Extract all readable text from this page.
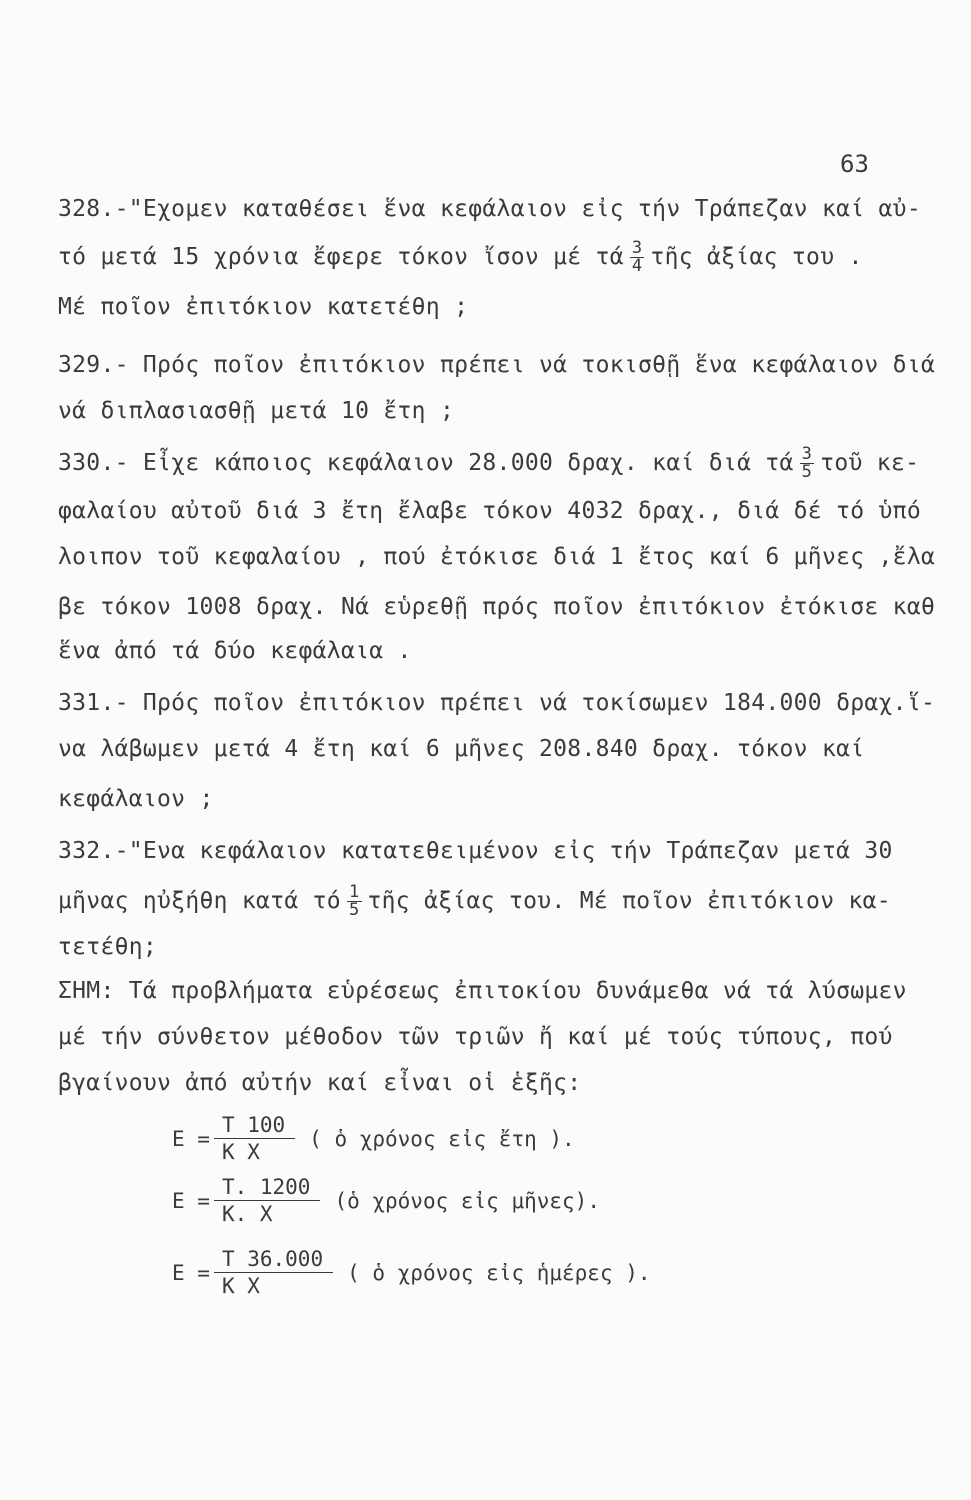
63
328.-"Εχομεν καταθέσει ἕνα κεφάλαιον εἰς τήν Τράπεζαν καί αὐ-
τό μετά 15 χρόνια ἔφερε τόκον ἴσον μέ τά $\frac{3}{4}$ τῆς ἀξίας του .
Μέ ποῖον ἐπιτόκιον κατετέθη ;
329.- Πρός ποῖον ἐπιτόκιον πρέπει νά τοκισθῇ ἕνα κεφάλαιον διά
νά διπλασιασθῇ μετά 10 ἔτη ;
330.- Εἶχε κάποιος κεφάλαιον 28.000 δραχ. καί διά τά $\frac{3}{5}$ τοῦ κε-
φαλαίου αὐτοῦ διά 3 ἔτη ἔλαβε τόκον 4032 δραχ., διά δέ τό ὑπό
λοιπον τοῦ κεφαλαίου , πού ἐτόκισε διά 1 ἔτος καί 6 μῆνες ,ἔλα
βε τόκον 1008 δραχ. Νά εὑρεθῇ πρός ποῖον ἐπιτόκιον ἐτόκισε καθ
ἕνα ἀπό τά δύο κεφάλαια .
331.- Πρός ποῖον ἐπιτόκιον πρέπει νά τοκίσωμεν 184.000 δραχ.ἵ-
να λάβωμεν μετά 4 ἔτη καί 6 μῆνες 208.840 δραχ. τόκον καί
κεφάλαιον ;
332.-"Ενα κεφάλαιον κατατεθειμένον εἰς τήν Τράπεζαν μετά 30
μῆνας ηὐξήθη κατά τό $\frac{1}{5}$ τῆς ἀξίας του. Μέ ποῖον ἐπιτόκιον κα-
τετέθη;
ΣΗΜ: Τά προβλήματα εὑρέσεως ἐπιτοκίου δυνάμεθα νά τά λύσωμεν
μέ τήν σύνθετον μέθοδον τῶν τριῶν ἤ καί μέ τούς τύπους, πού
βγαίνουν ἀπό αὐτήν καί εἶναι οἱ ἑξῆς:
$E = \frac{T 100}{\text{Κ Χ}}$ ( ὁ χρόνος εἰς ἔτη ).
$E = \frac{T. 1200}{K. X}$ (ὁ χρόνος εἰς μῆνες).
$E = \frac{T 36.000}{\text{Κ Χ}}$ ( ὁ χρόνος εἰς ἡμέρες ).
